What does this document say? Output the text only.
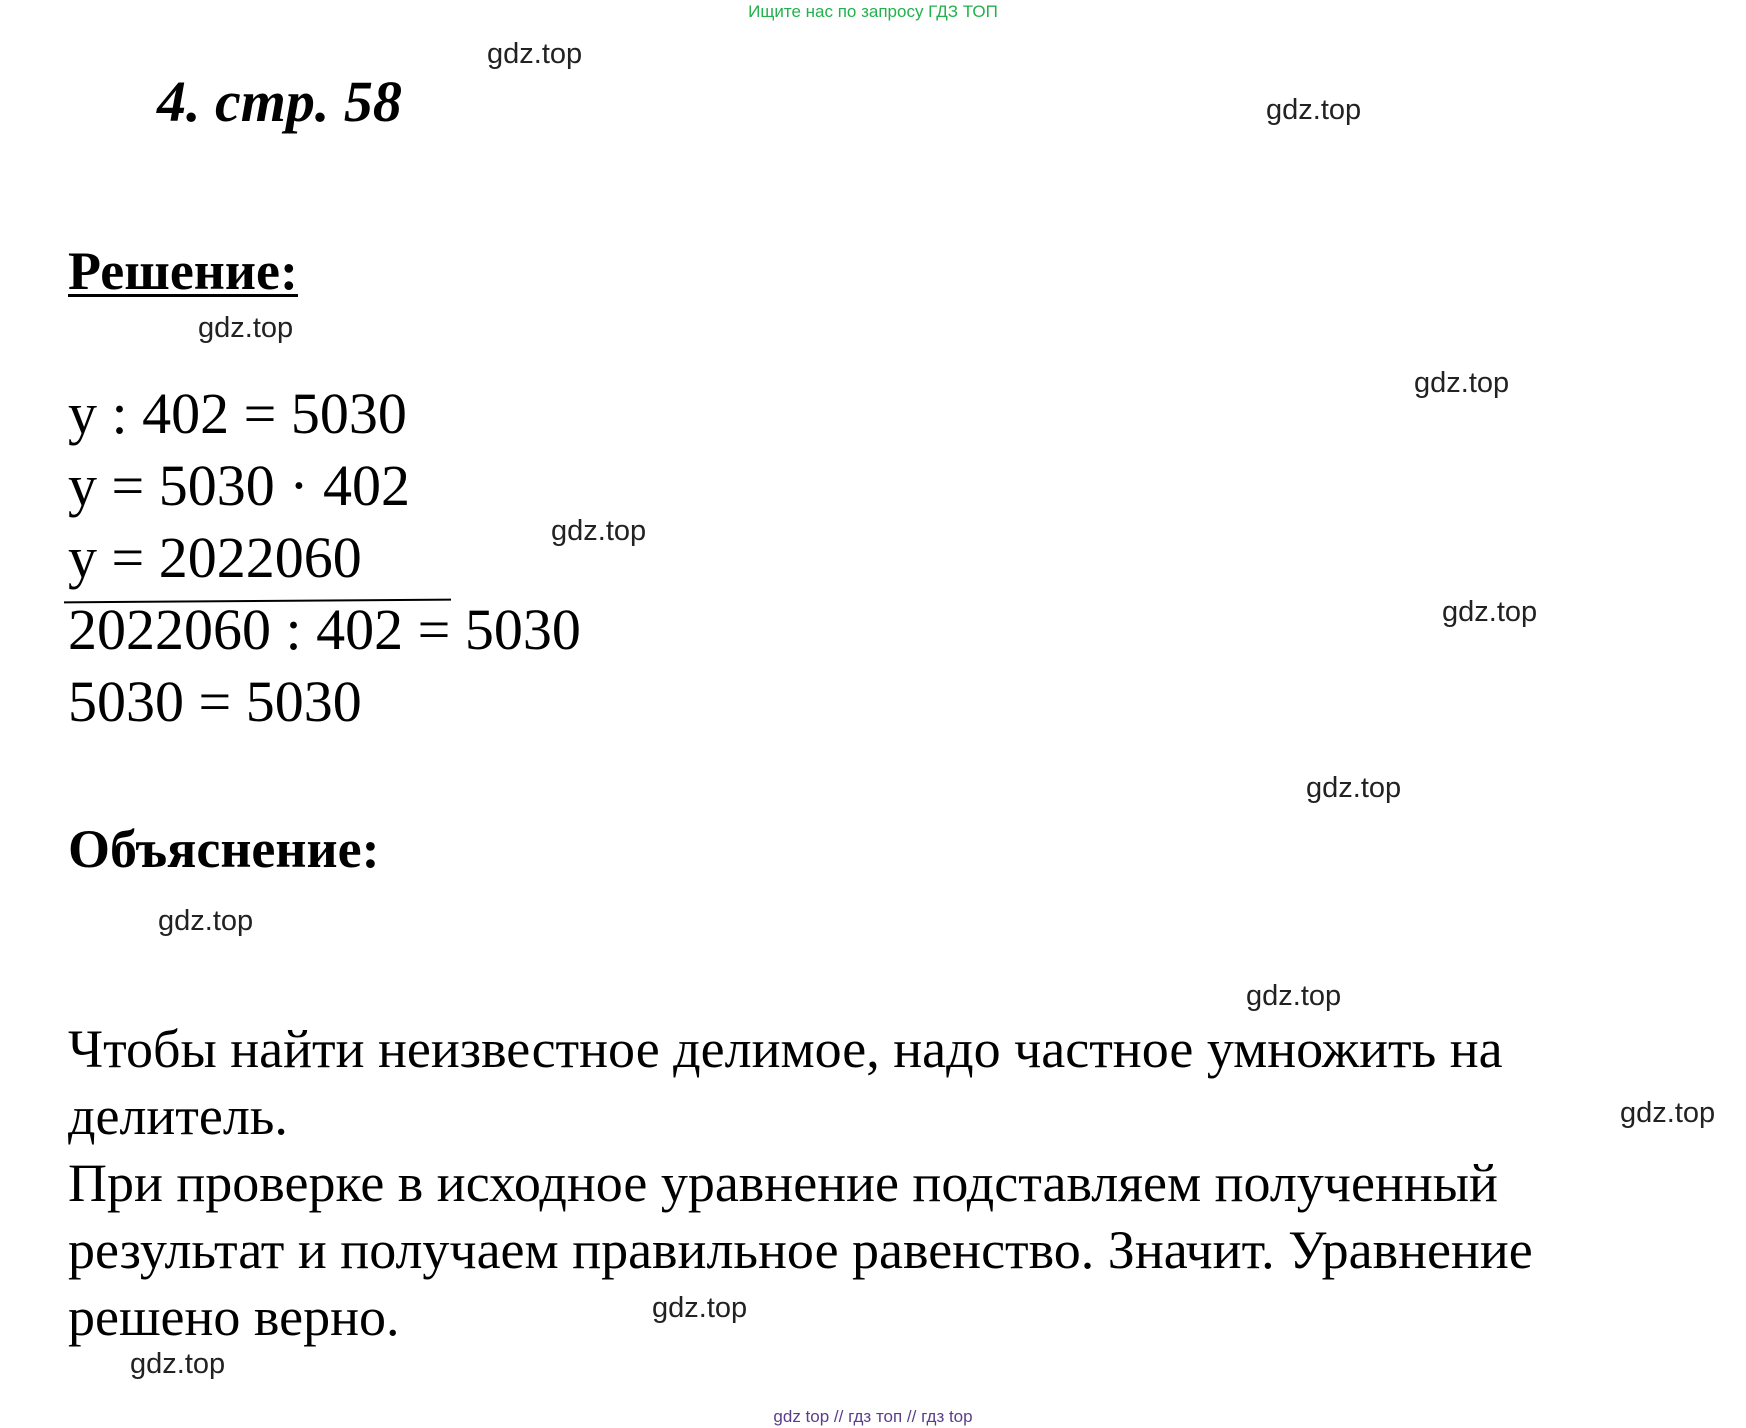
Ищите нас по запросу ГДЗ ТОП
4. стр. 58
Решение:
y : 402 = 5030
y = 5030 · 402
y = 2022060
2022060 : 402 = 5030
5030 = 5030
Объяснение:
Чтобы найти неизвестное делимое, надо частное умножить на
делитель.
При проверке в исходное уравнение подставляем полученный
результат и получаем правильное равенство. Значит. Уравнение
решено верно.
gdz.top
gdz.top
gdz.top
gdz.top
gdz.top
gdz.top
gdz.top
gdz.top
gdz.top
gdz.top
gdz.top
gdz.top
gdz top // гдз топ // гдз top
